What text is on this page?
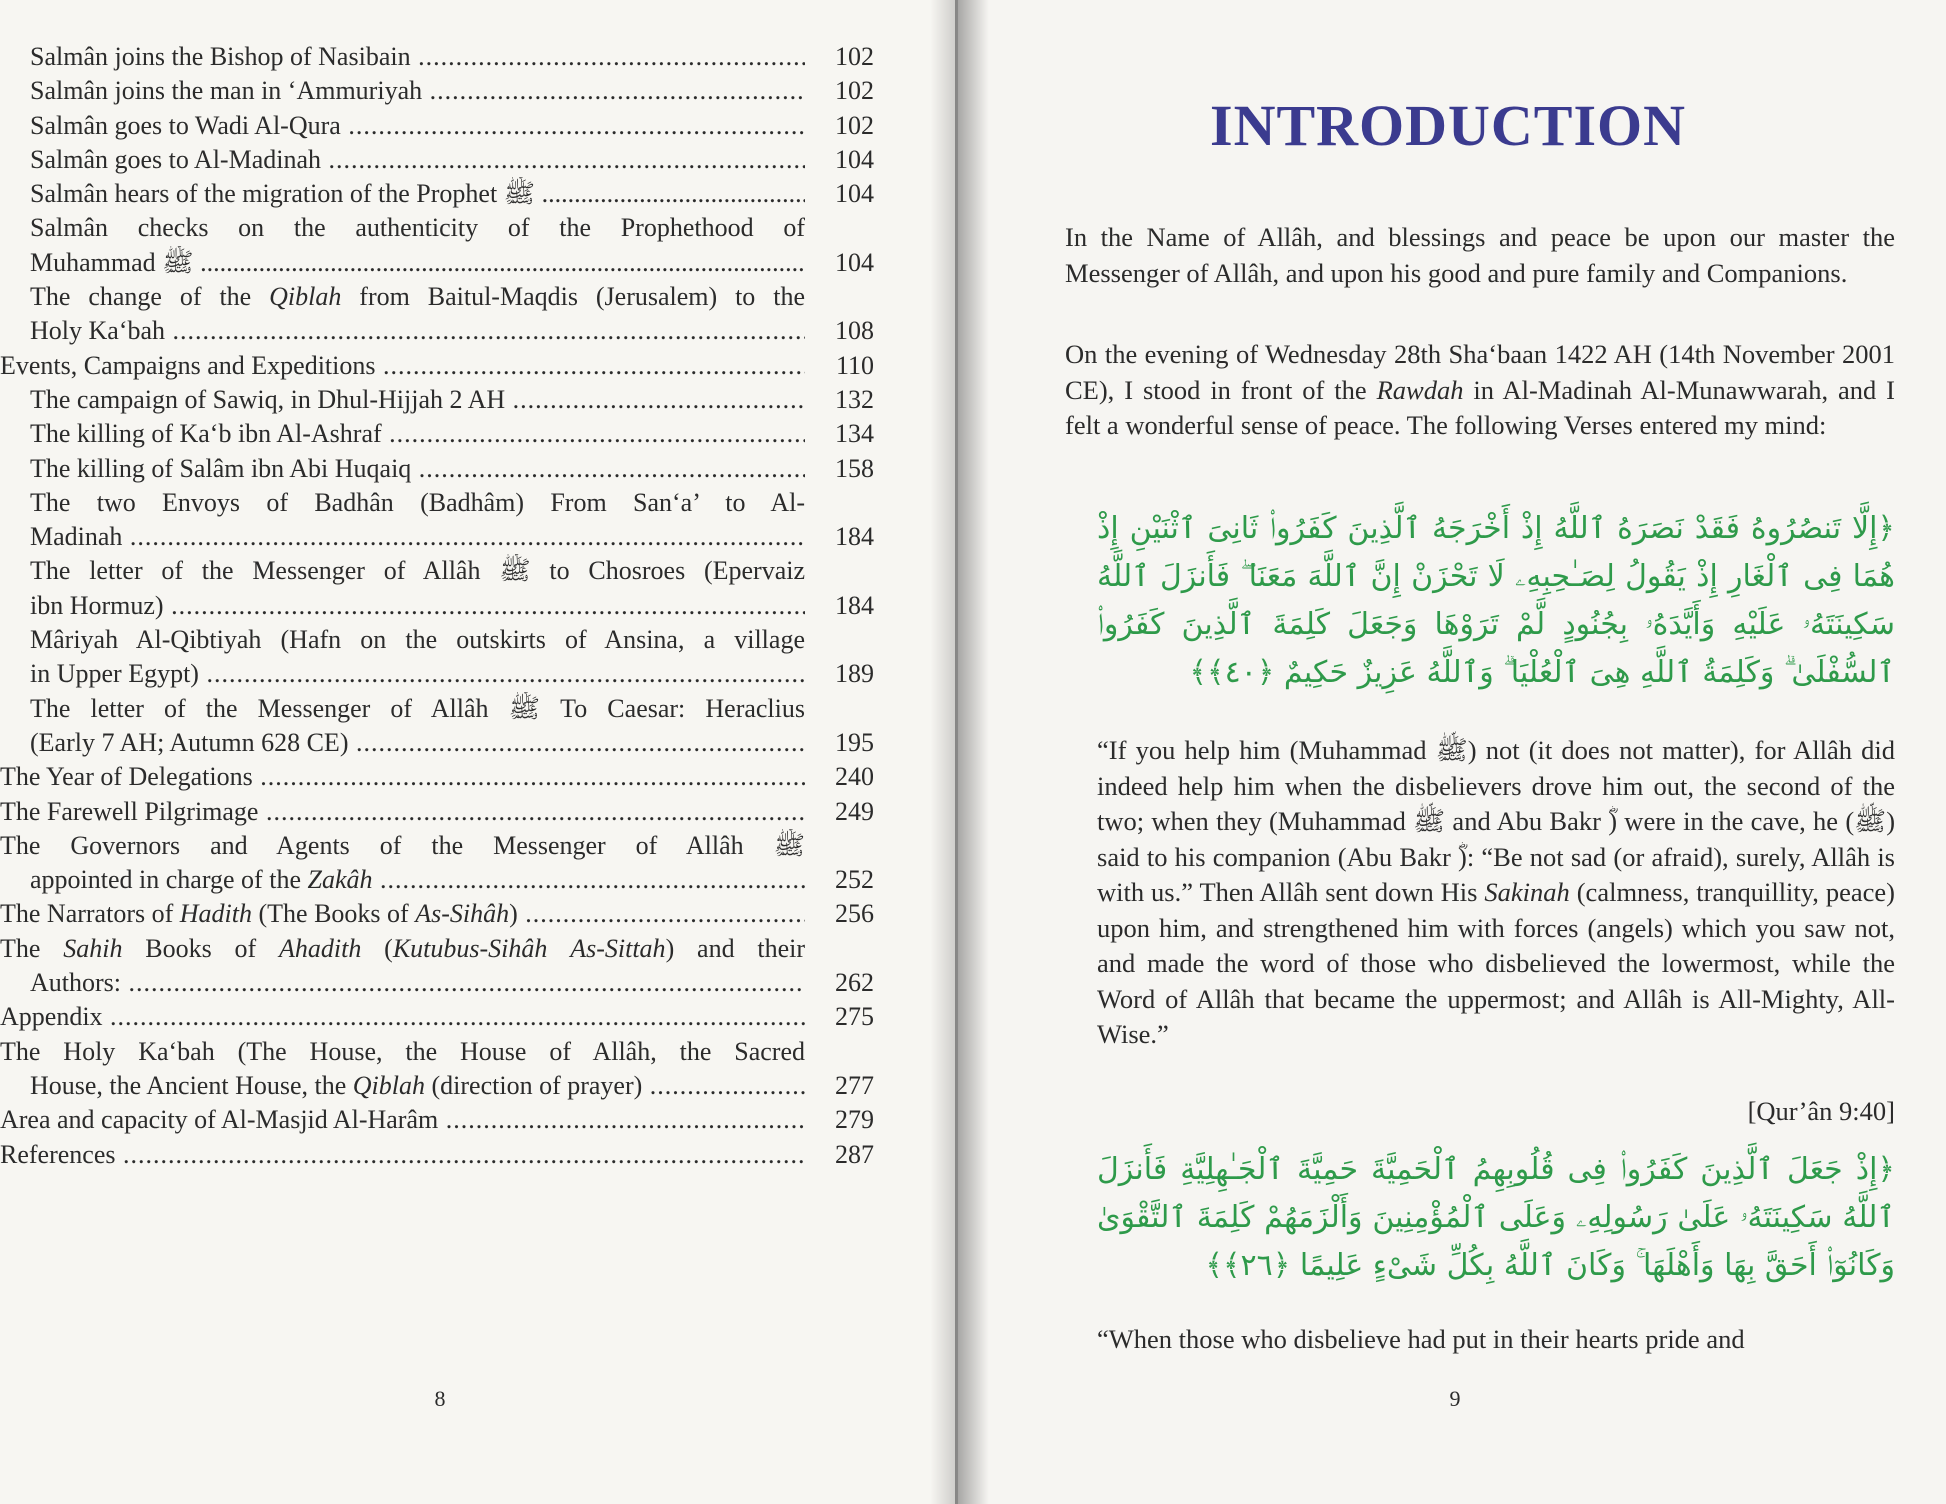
Salmân joins the Bishop of Nasibain .....	102
Salmân joins the man in ‘Ammuriyah .....	102
Salmân goes to Wadi Al-Qura .....	102
Salmân goes to Al-Madinah .....	104
Salmân hears of the migration of the Prophet ﷺ .....	104
Salmân checks on the authenticity of the Prophethood of
Muhammad ﷺ .....	104
The change of the Qiblah from Baitul-Maqdis (Jerusalem) to the
Holy Ka‘bah .....	108
Events, Campaigns and Expeditions .....	110
The campaign of Sawiq, in Dhul-Hijjah 2 AH .....	132
The killing of Ka‘b ibn Al-Ashraf .....	134
The killing of Salâm ibn Abi Huqaiq .....	158
The two Envoys of Badhân (Badhâm) From San‘a’ to Al-
Madinah .....	184
The letter of the Messenger of Allâh ﷺ to Chosroes (Epervaiz
ibn Hormuz) .....	184
Mâriyah Al-Qibtiyah (Hafn on the outskirts of Ansina, a village
in Upper Egypt) .....	189
The letter of the Messenger of Allâh ﷺ To Caesar: Heraclius
(Early 7 AH; Autumn 628 CE) .....	195
The Year of Delegations .....	240
The Farewell Pilgrimage .....	249
The Governors and Agents of the Messenger of Allâh ﷺ
appointed in charge of the Zakâh .....	252
The Narrators of Hadith (The Books of As-Sihâh) .....	256
The Sahih Books of Ahadith (Kutubus-Sihâh As-Sittah) and their
Authors: .....	262
Appendix .....	275
The Holy Ka‘bah (The House, the House of Allâh, the Sacred
House, the Ancient House, the Qiblah (direction of prayer) .....	277
Area and capacity of Al-Masjid Al-Harâm .....	279
References .....	287
8
INTRODUCTION

In the Name of Allâh, and blessings and peace be upon our master the Messenger of Allâh, and upon his good and pure family and Companions.

On the evening of Wednesday 28th Sha‘baan 1422 AH (14th November 2001 CE), I stood in front of the Rawdah in Al-Madinah Al-Munawwarah, and I felt a wonderful sense of peace. The following Verses entered my mind:

﴿إِلَّا تَنصُرُوهُ فَقَدْ نَصَرَهُ ٱللَّهُ إِذْ أَخْرَجَهُ ٱلَّذِينَ كَفَرُوا۟ ثَانِىَ ٱثْنَيْنِ إِذْ هُمَا فِى ٱلْغَارِ إِذْ يَقُولُ لِصَـٰحِبِهِۦ لَا تَحْزَنْ إِنَّ ٱللَّهَ مَعَنَا ۖ فَأَنزَلَ ٱللَّهُ سَكِينَتَهُۥ عَلَيْهِ وَأَيَّدَهُۥ بِجُنُودٍ لَّمْ تَرَوْهَا وَجَعَلَ كَلِمَةَ ٱلَّذِينَ كَفَرُوا۟ ٱلسُّفْلَىٰ ۗ وَكَلِمَةُ ٱللَّهِ هِىَ ٱلْعُلْيَا ۗ وَٱللَّهُ عَزِيزٌ حَكِيمٌ ﴿٤٠﴾﴾

“If you help him (Muhammad ﷺ) not (it does not matter), for Allâh did indeed help him when the disbelievers drove him out, the second of the two; when they (Muhammad ﷺ and Abu Bakr ؓ) were in the cave, he (ﷺ) said to his companion (Abu Bakr ؓ): “Be not sad (or afraid), surely, Allâh is with us.” Then Allâh sent down His Sakinah (calmness, tranquillity, peace) upon him, and strengthened him with forces (angels) which you saw not, and made the word of those who disbelieved the lowermost, while the Word of Allâh that became the uppermost; and Allâh is All-Mighty, All-Wise.”

[Qur’ân 9:40]

﴿إِذْ جَعَلَ ٱلَّذِينَ كَفَرُوا۟ فِى قُلُوبِهِمُ ٱلْحَمِيَّةَ حَمِيَّةَ ٱلْجَـٰهِلِيَّةِ فَأَنزَلَ ٱللَّهُ سَكِينَتَهُۥ عَلَىٰ رَسُولِهِۦ وَعَلَى ٱلْمُؤْمِنِينَ وَأَلْزَمَهُمْ كَلِمَةَ ٱلتَّقْوَىٰ وَكَانُوٓا۟ أَحَقَّ بِهَا وَأَهْلَهَا ۚ وَكَانَ ٱللَّهُ بِكُلِّ شَىْءٍ عَلِيمًا ﴿٢٦﴾﴾

“When those who disbelieve had put in their hearts pride and

9
